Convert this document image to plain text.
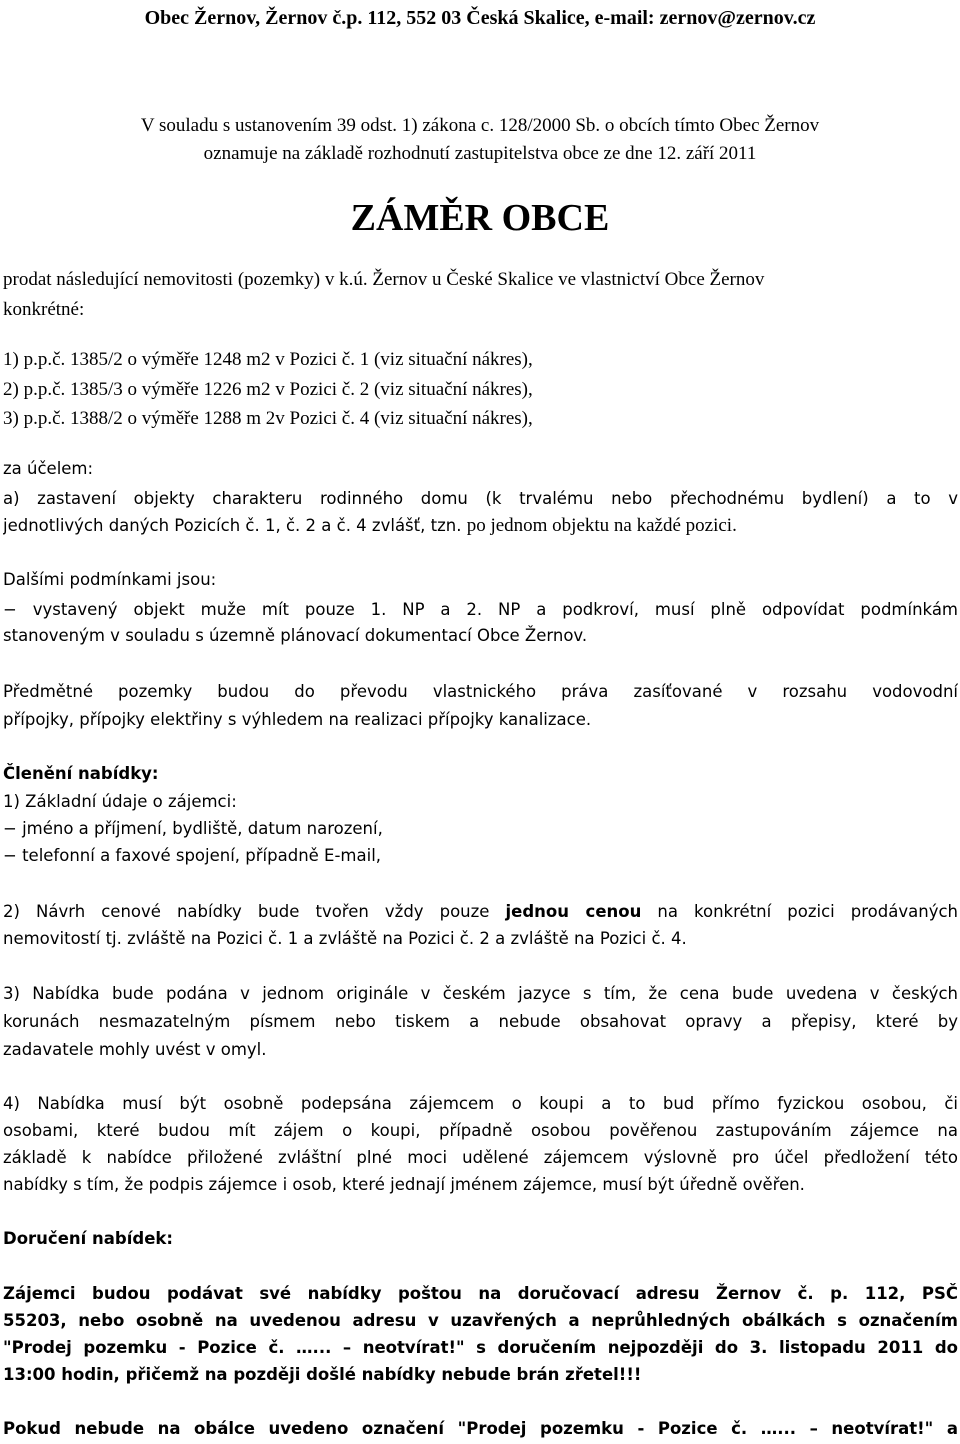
Obec Žernov, Žernov č.p. 112, 552 03 Česká Skalice, e-mail: zernov@zernov.cz

V souladu s ustanovením 39 odst. 1) zákona c. 128/2000 Sb. o obcích tímto Obec Žernov

oznamuje na základě rozhodnutí zastupitelstva obce ze dne 12. září 2011

ZÁMĚR OBCE

prodat následující nemovitosti (pozemky) v k.ú. Žernov u České Skalice ve vlastnictví Obce Žernov

konkrétné:

1) p.p.č. 1385/2 o výměře 1248 m2 v Pozici č. 1 (viz situační nákres),

2) p.p.č. 1385/3 o výměře 1226 m2 v Pozici č. 2 (viz situační nákres),

3) p.p.č. 1388/2 o výměře 1288 m 2v Pozici č. 4 (viz situační nákres),

za účelem:

a) zastavení objekty charakteru rodinného domu (k trvalému nebo přechodnému bydlení) a to v

jednotlivých daných Pozicích č. 1, č. 2 a č. 4 zvlášť, tzn. po jednom objektu na každé pozici.

Dalšími podmínkami jsou:

− vystavený objekt muže mít pouze 1. NP a 2. NP a podkroví, musí plně odpovídat podmínkám

stanoveným v souladu s územně plánovací dokumentací Obce Žernov.

Předmětné pozemky budou do převodu vlastnického práva zasíťované v rozsahu vodovodní

přípojky, přípojky elektřiny s výhledem na realizaci přípojky kanalizace.

Členění nabídky:

1) Základní údaje o zájemci:

− jméno a příjmení, bydliště, datum narození,

− telefonní a faxové spojení, případně E-mail,

2) Návrh cenové nabídky bude tvořen vždy pouze jednou cenou na konkrétní pozici prodávaných

nemovitostí tj. zvláště na Pozici č. 1 a zvláště na Pozici č. 2 a zvláště na Pozici č. 4.

3) Nabídka bude podána v jednom originále v českém jazyce s tím, že cena bude uvedena v českých

korunách nesmazatelným písmem nebo tiskem a nebude obsahovat opravy a přepisy, které by

zadavatele mohly uvést v omyl.

4) Nabídka musí být osobně podepsána zájemcem o koupi a to bud přímo fyzickou osobou, či

osobami, které budou mít zájem o koupi, případně osobou pověřenou zastupováním zájemce na

základě k nabídce přiložené zvláštní plné moci udělené zájemcem výslovně pro účel předložení této

nabídky s tím, že podpis zájemce i osob, které jednají jménem zájemce, musí být úředně ověřen.

Doručení nabídek:

Zájemci budou podávat své nabídky poštou na doručovací adresu Žernov č. p. 112, PSČ

55203, nebo osobně na uvedenou adresu v uzavřených a neprůhledných obálkách s označením

"Prodej pozemku - Pozice č. …... – neotvírat!" s doručením nejpozději do 3. listopadu 2011 do

13:00 hodin, přičemž na později došlé nabídky nebude brán zřetel!!!

Pokud nebude na obálce uvedeno označení "Prodej pozemku - Pozice č. …... – neotvírat!" a
